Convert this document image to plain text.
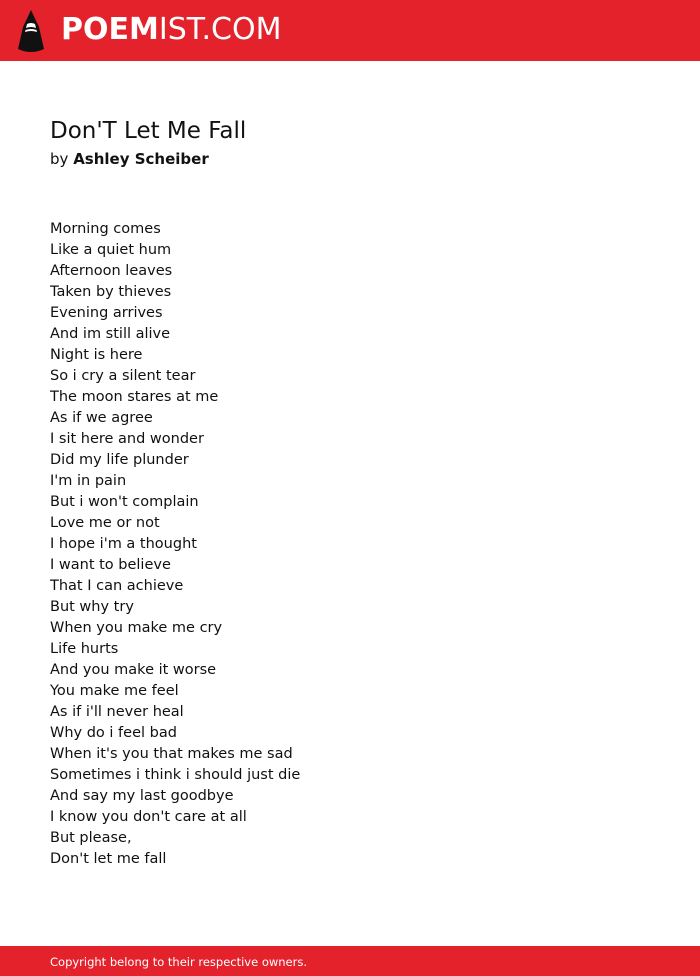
POEMIST.COM
Don'T Let Me Fall
by Ashley Scheiber
Morning comes
Like a quiet hum
Afternoon leaves
Taken by thieves
Evening arrives
And im still alive
Night is here
So i cry a silent tear
The moon stares at me
As if we agree
I sit here and wonder
Did my life plunder
I'm in pain
But i won't complain
Love me or not
I hope i'm a thought
I want to believe
That I can achieve
But why try
When you make me cry
Life hurts
And you make it worse
You make me feel
As if i'll never heal
Why do i feel bad
When it's you that makes me sad
Sometimes i think i should just die
And say my last goodbye
I know you don't care at all
But please,
Don't let me fall
Copyright belong to their respective owners.
